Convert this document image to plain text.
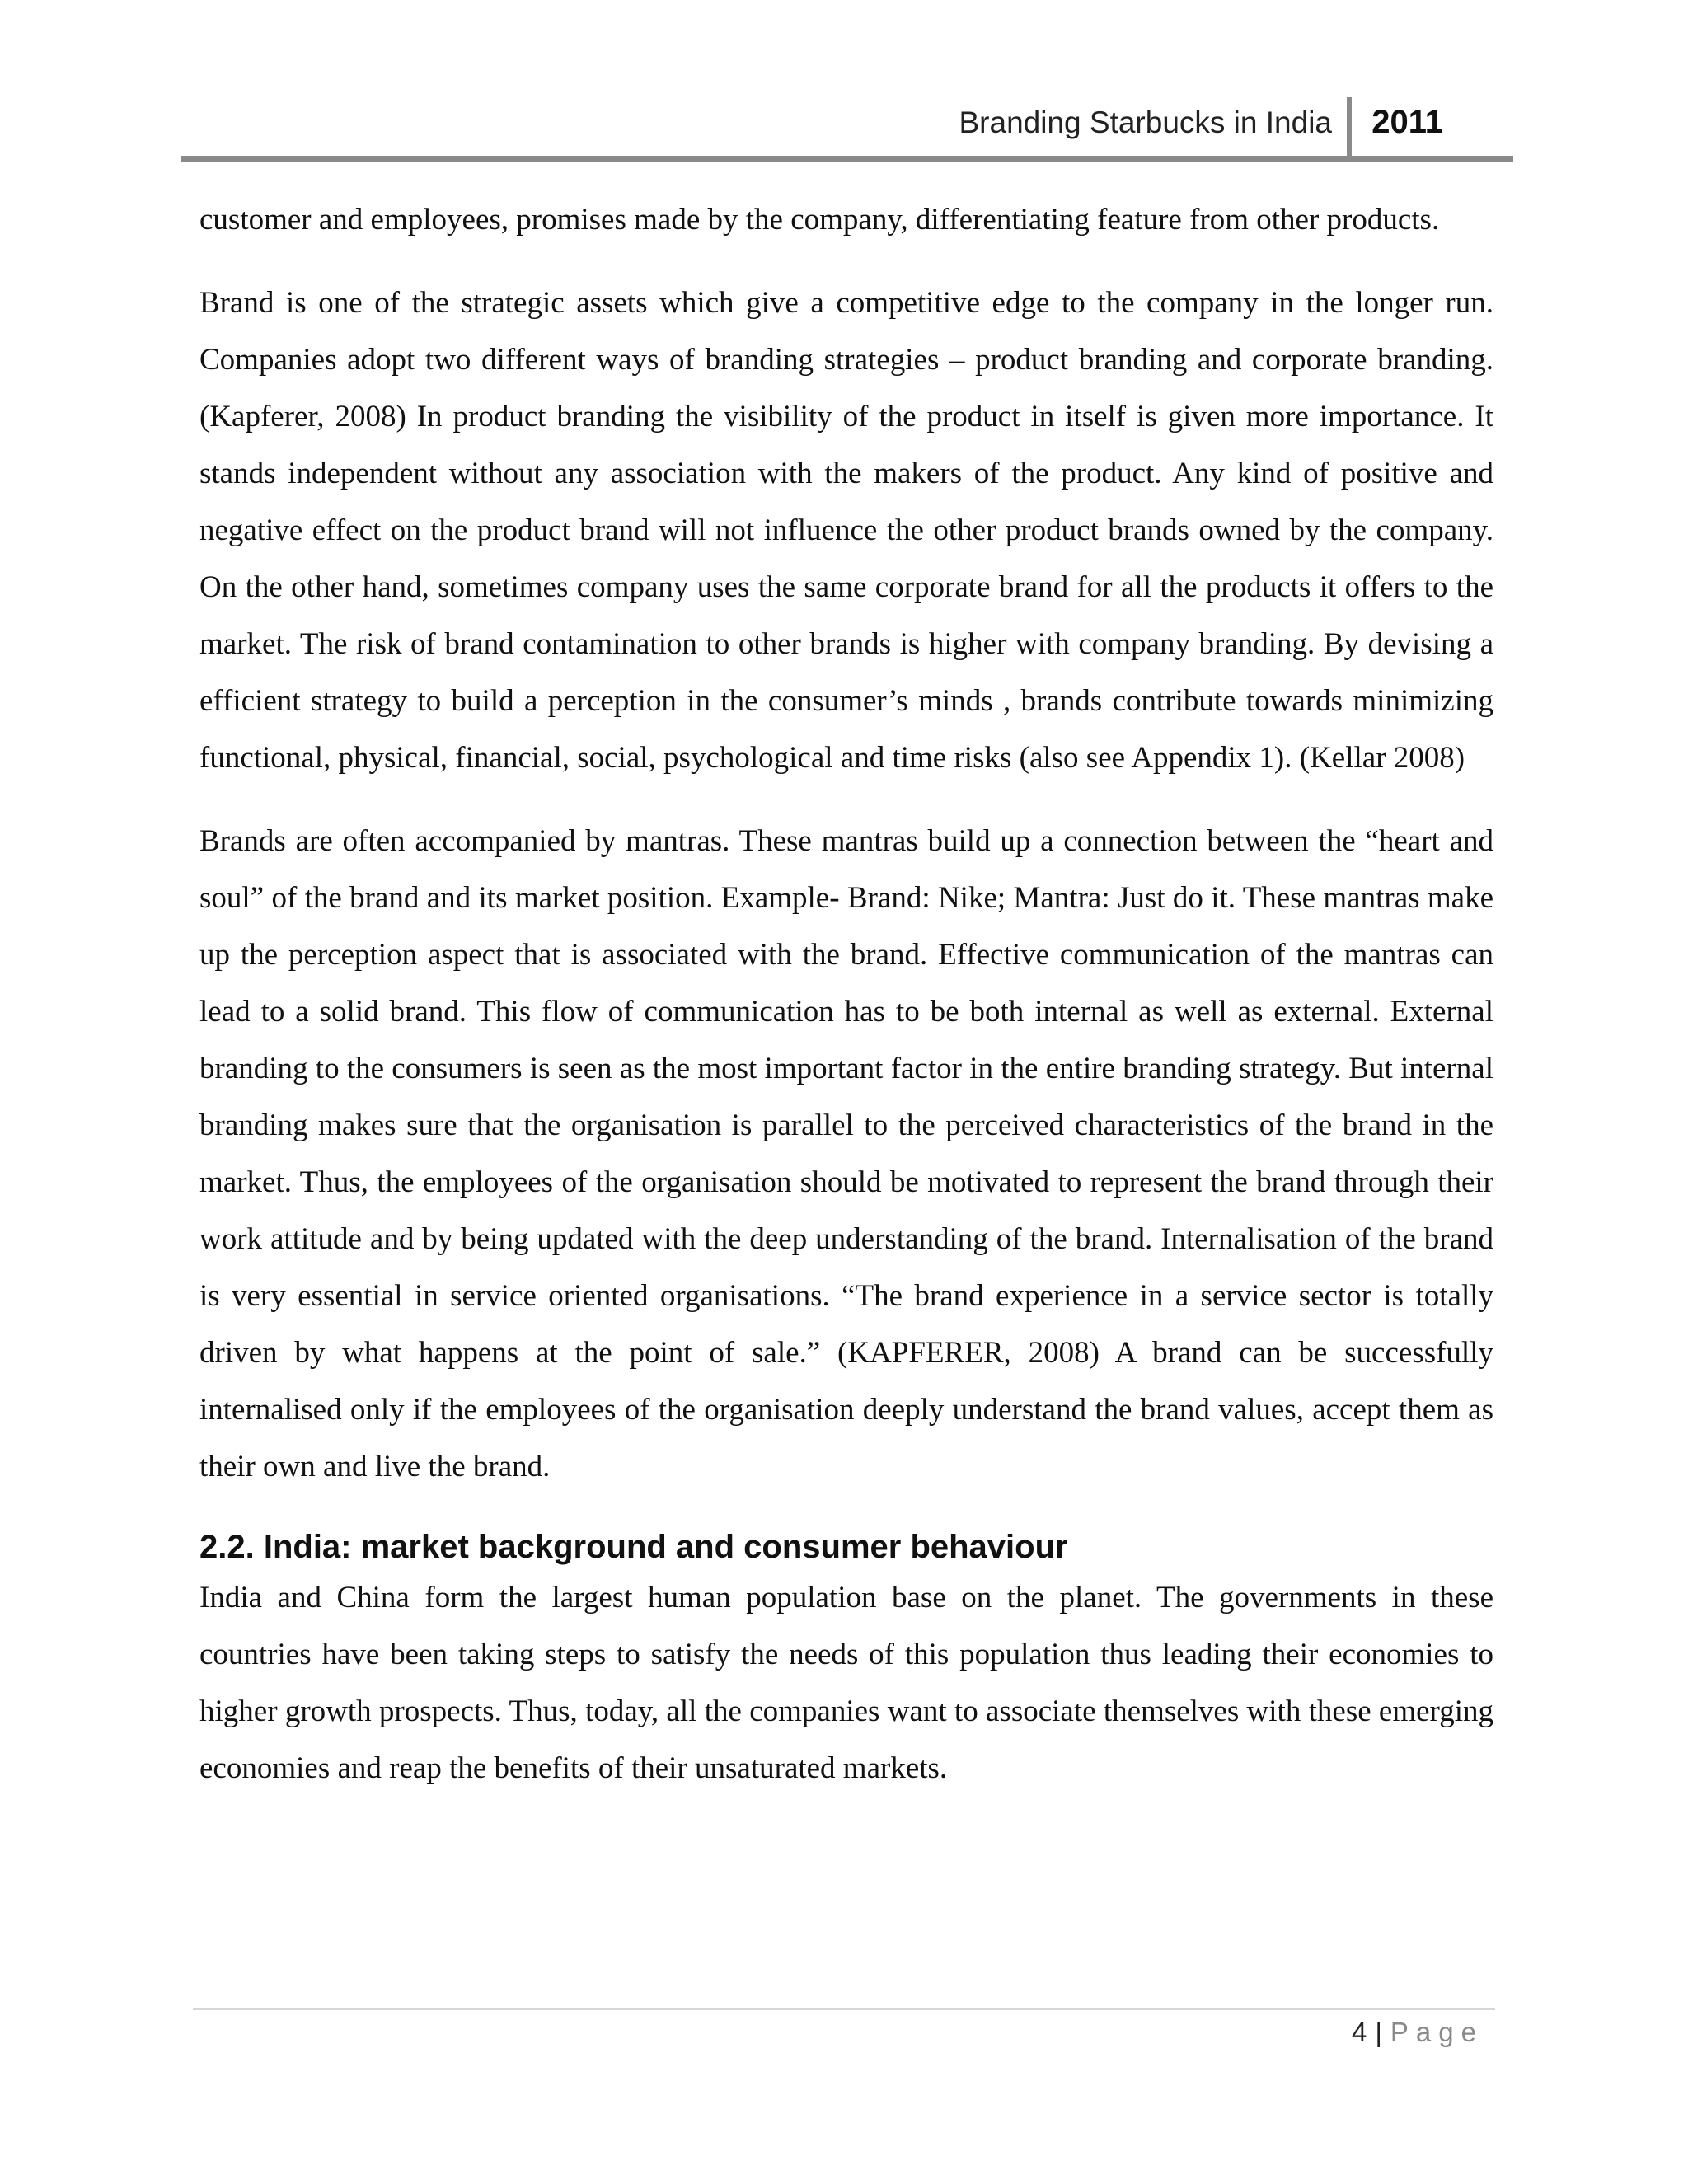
Branding Starbucks in India 2011

customer and employees, promises made by the company, differentiating feature from other products.

Brand is one of the strategic assets which give a competitive edge to the company in the longer run. Companies adopt two different ways of branding strategies – product branding and corporate branding. (Kapferer, 2008) In product branding the visibility of the product in itself is given more importance. It stands independent without any association with the makers of the product. Any kind of positive and negative effect on the product brand will not influence the other product brands owned by the company. On the other hand, sometimes company uses the same corporate brand for all the products it offers to the market. The risk of brand contamination to other brands is higher with company branding. By devising a efficient strategy to build a perception in the consumer’s minds , brands contribute towards minimizing functional, physical, financial, social, psychological and time risks (also see Appendix 1). (Kellar 2008)

Brands are often accompanied by mantras. These mantras build up a connection between the “heart and soul” of the brand and its market position. Example- Brand: Nike; Mantra: Just do it. These mantras make up the perception aspect that is associated with the brand. Effective communication of the mantras can lead to a solid brand. This flow of communication has to be both internal as well as external. External branding to the consumers is seen as the most important factor in the entire branding strategy. But internal branding makes sure that the organisation is parallel to the perceived characteristics of the brand in the market. Thus, the employees of the organisation should be motivated to represent the brand through their work attitude and by being updated with the deep understanding of the brand. Internalisation of the brand is very essential in service oriented organisations. “The brand experience in a service sector is totally driven by what happens at the point of sale.” (KAPFERER, 2008) A brand can be successfully internalised only if the employees of the organisation deeply understand the brand values, accept them as their own and live the brand.

2.2. India: market background and consumer behaviour

India and China form the largest human population base on the planet. The governments in these countries have been taking steps to satisfy the needs of this population thus leading their economies to higher growth prospects. Thus, today, all the companies want to associate themselves with these emerging economies and reap the benefits of their unsaturated markets.

4 | Page
